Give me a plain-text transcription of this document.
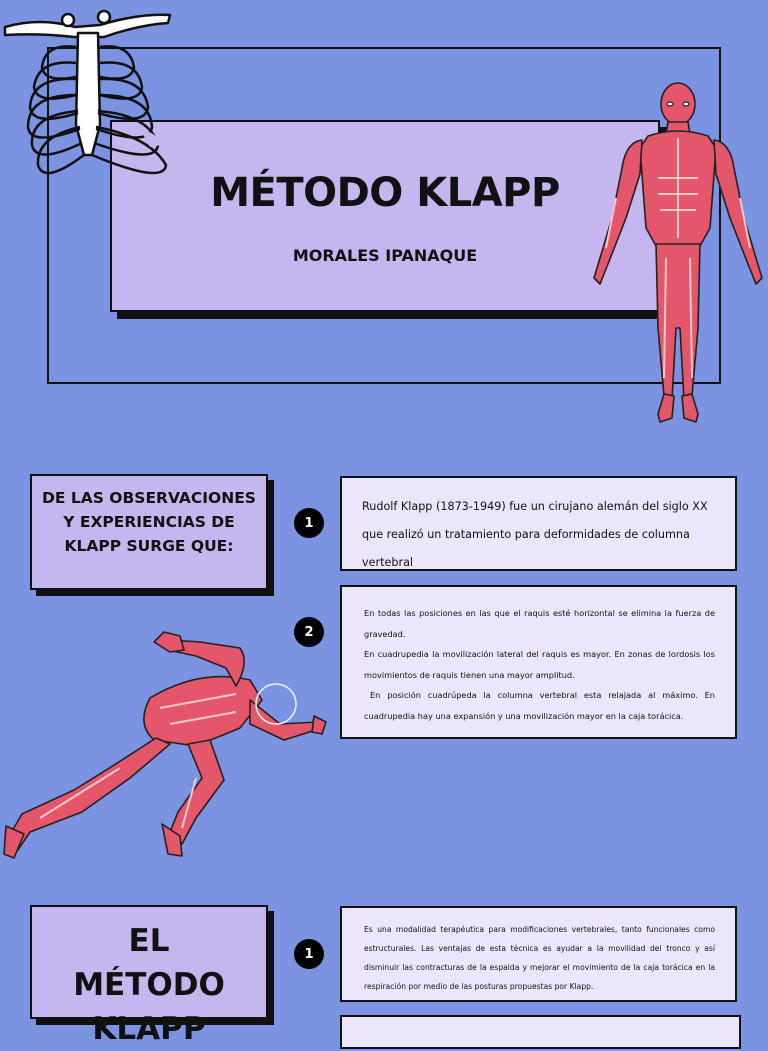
MÉTODO KLAPP
MORALES IPANAQUE
DE LAS OBSERVACIONES Y EXPERIENCIAS DE KLAPP SURGE QUE:
1
Rudolf Klapp (1873-1949) fue un cirujano alemán del siglo XX que realizó un tratamiento para deformidades de columna vertebral
2
En todas las posiciones en las que el raquis esté horizontal se elimina la fuerza de gravedad.
En cuadrupedia la movilización lateral del raquis es mayor. En zonas de lordosis los movimientos de raquis tienen una mayor amplitud.
En posición cuadrúpeda la columna vertebral esta relajada al máximo. En cuadrupedia hay una expansión y una movilización mayor en la caja torácica.
EL MÉTODO KLAPP
1

Es una modalidad terapéutica para modificaciones vertebrales, tanto funcionales como estructurales. Las ventajas de esta técnica es ayudar a la movilidad del tronco y así disminuir las contracturas de la espalda y mejorar el movimiento de la caja torácica en la respiración por medio de las posturas propuestas por Klapp.
